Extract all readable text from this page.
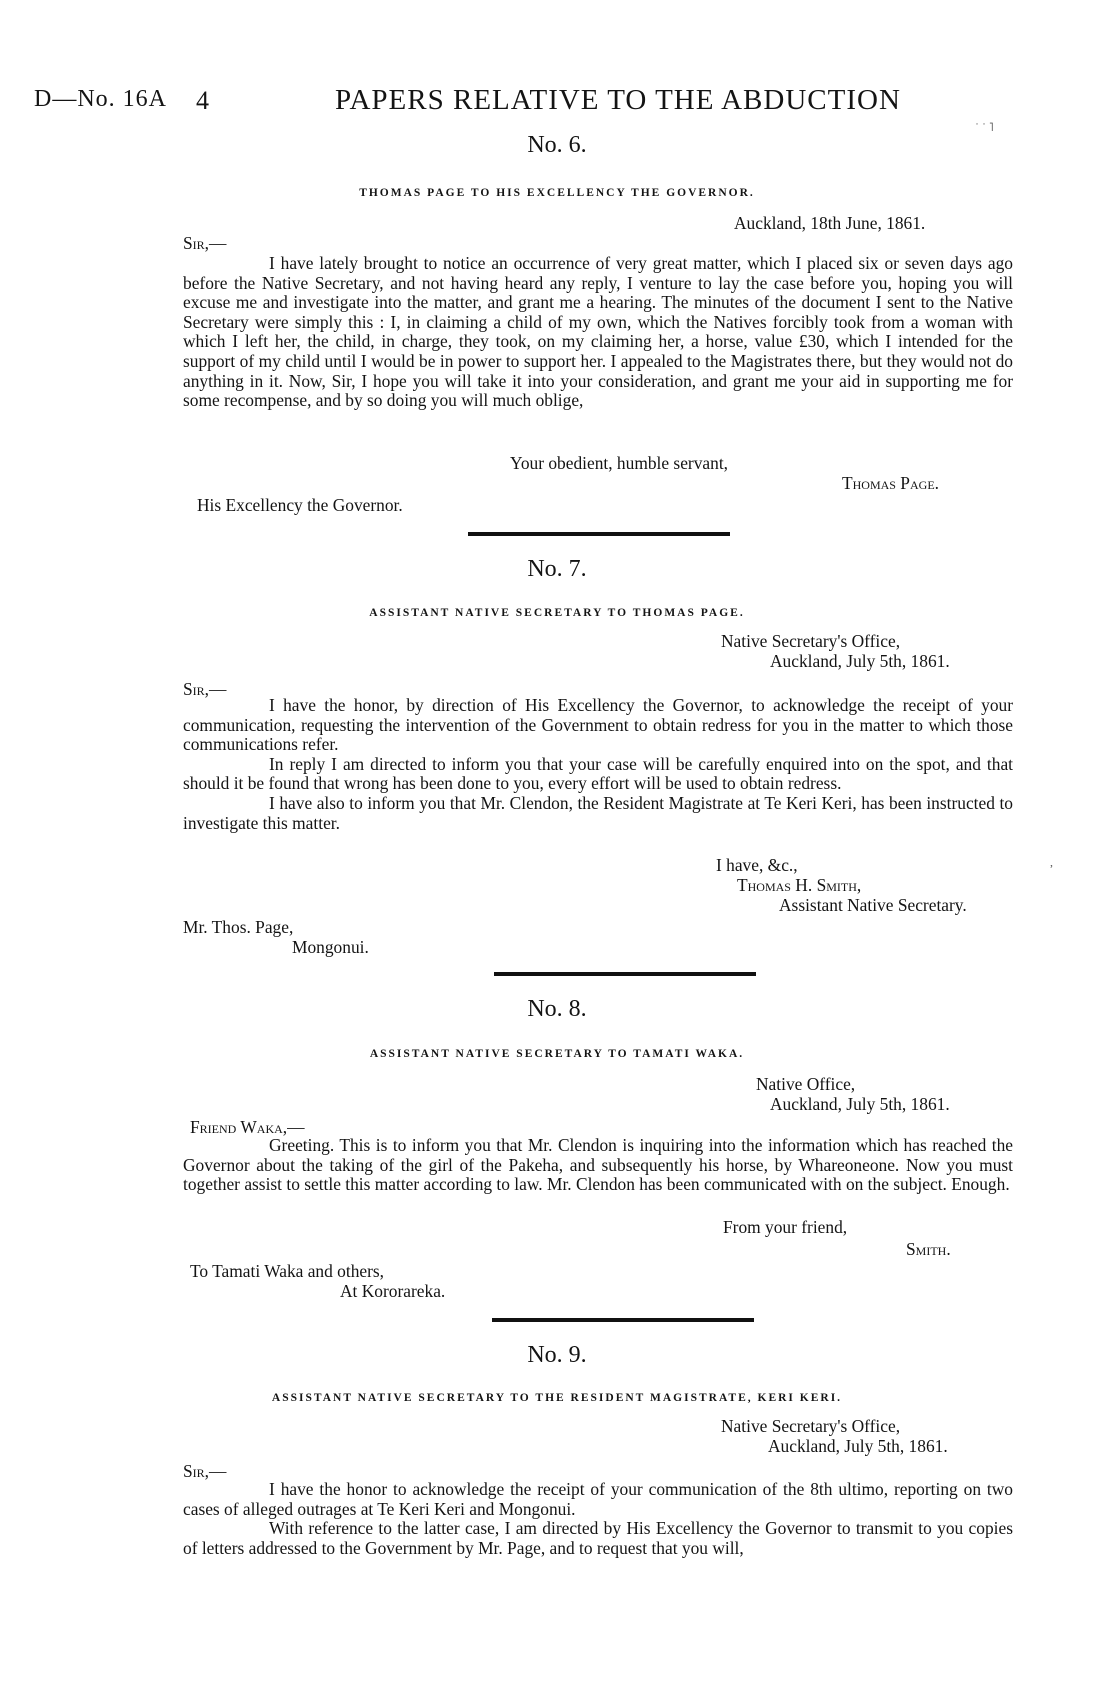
D—No. 16A 4	PAPERS RELATIVE TO THE ABDUCTION
No. 6.
THOMAS PAGE TO HIS EXCELLENCY THE GOVERNOR.
Auckland, 18th June, 1861.
Sir,—

I have lately brought to notice an occurrence of very great matter, which I placed six or seven days ago before the Native Secretary, and not having heard any reply, I venture to lay the case before you, hoping you will excuse me and investigate into the matter, and grant me a hearing. The minutes of the document I sent to the Native Secretary were simply this : I, in claiming a child of my own, which the Natives forcibly took from a woman with which I left her, the child, in charge, they took, on my claiming her, a horse, value £30, which I intended for the support of my child until I would be in power to support her. I appealed to the Magistrates there, but they would not do anything in it. Now, Sir, I hope you will take it into your consideration, and grant me your aid in supporting me for some recompense, and by so doing you will much oblige,

Your obedient, humble servant,
Thomas Page.
His Excellency the Governor.
No. 7.
ASSISTANT NATIVE SECRETARY TO THOMAS PAGE.
Native Secretary's Office,
Auckland, July 5th, 1861.
Sir,—

I have the honor, by direction of His Excellency the Governor, to acknowledge the receipt of your communication, requesting the intervention of the Government to obtain redress for you in the matter to which those communications refer.

In reply I am directed to inform you that your case will be carefully enquired into on the spot, and that should it be found that wrong has been done to you, every effort will be used to obtain redress.

I have also to inform you that Mr. Clendon, the Resident Magistrate at Te Keri Keri, has been instructed to investigate this matter.

I have, &c.,
Thomas H. Smith,
Assistant Native Secretary.
Mr. Thos. Page,
Mongonui.
No. 8.
ASSISTANT NATIVE SECRETARY TO TAMATI WAKA.
Native Office,
Auckland, July 5th, 1861.
Friend Waka,—

Greeting. This is to inform you that Mr. Clendon is inquiring into the information which has reached the Governor about the taking of the girl of the Pakeha, and subsequently his horse, by Whareoneone. Now you must together assist to settle this matter according to law. Mr. Clendon has been communicated with on the subject. Enough.

From your friend,
Smith.
To Tamati Waka and others,
At Kororareka.
No. 9.
ASSISTANT NATIVE SECRETARY TO THE RESIDENT MAGISTRATE, KERI KERI.
Native Secretary's Office,
Auckland, July 5th, 1861.
Sir,—

I have the honor to acknowledge the receipt of your communication of the 8th ultimo, reporting on two cases of alleged outrages at Te Keri Keri and Mongonui.

With reference to the latter case, I am directed by His Excellency the Governor to transmit to you copies of letters addressed to the Government by Mr. Page, and to request that you will,

˙ ˙ ˥
,
